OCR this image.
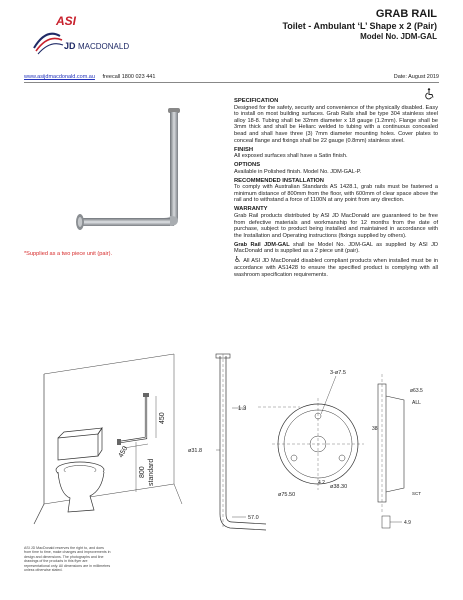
ASI
JD MACDONALD
GRAB RAIL
Toilet - Ambulant ‘L’ Shape x 2 (Pair)
Model No. JDM-GAL
www.asijdmacdonald.com.au freecall 1800 023 441	Date: August 2019
*Supplied as a two piece unit (pair).
SPECIFICATION

Designed for the safety, security and convenience of the physically disabled. Easy to install on most building surfaces. Grab Rails shall be type 304 stainless steel alloy 18-8. Tubing shall be 32mm diameter x 18 gauge (1.2mm). Flange shall be 3mm thick and shall be Heliarc welded to tubing with a continuous concealed bead and shall have three (3) 7mm diameter mounting holes. Cover plates to conceal flange and fixings shall be 22 gauge (0.8mm) stainless steel.

FINISH

All exposed surfaces shall have a Satin finish.

OPTIONS

Available in Polished finish. Model No. JDM-GAL-P.

RECOMMENDED INSTALLATION

To comply with Australian Standards AS 1428.1, grab rails must be fastened a minimum distance of 800mm from the floor, with 600mm of clear space above the rail and to withstand a force of 1100N at any point from any direction.

WARRANTY

Grab Rail products distributed by ASI JD MacDonald are guaranteed to be free from defective materials and workmanship for 12 months from the date of purchase, subject to product being installed and maintained in accordance with the Installation and Operating instructions (fixings supplied by others).

Grab Rail JDM-GAL shall be Model No. JDM-GAL as supplied by ASI JD MacDonald and is supplied as a 2 piece unit (pair).

♿ All ASI JD MacDonald disabled compliant products when installed must be in accordance with AS1428 to ensure the specified product is complying with all washroom specification requirements.

450
450
800 standard
1.3
ø31.8
57.0
3-ø7.5
ø75.50
ø38.30
4.2
38
ø63.5
ALL
SCT
4.9
ASI JD MacDonald reserves the right to, and does from time to time, make changes and improvements in design and dimensions. The photographs and line drawings of the products in this flyer are representational only. All dimensions are in millimetres unless otherwise stated.
